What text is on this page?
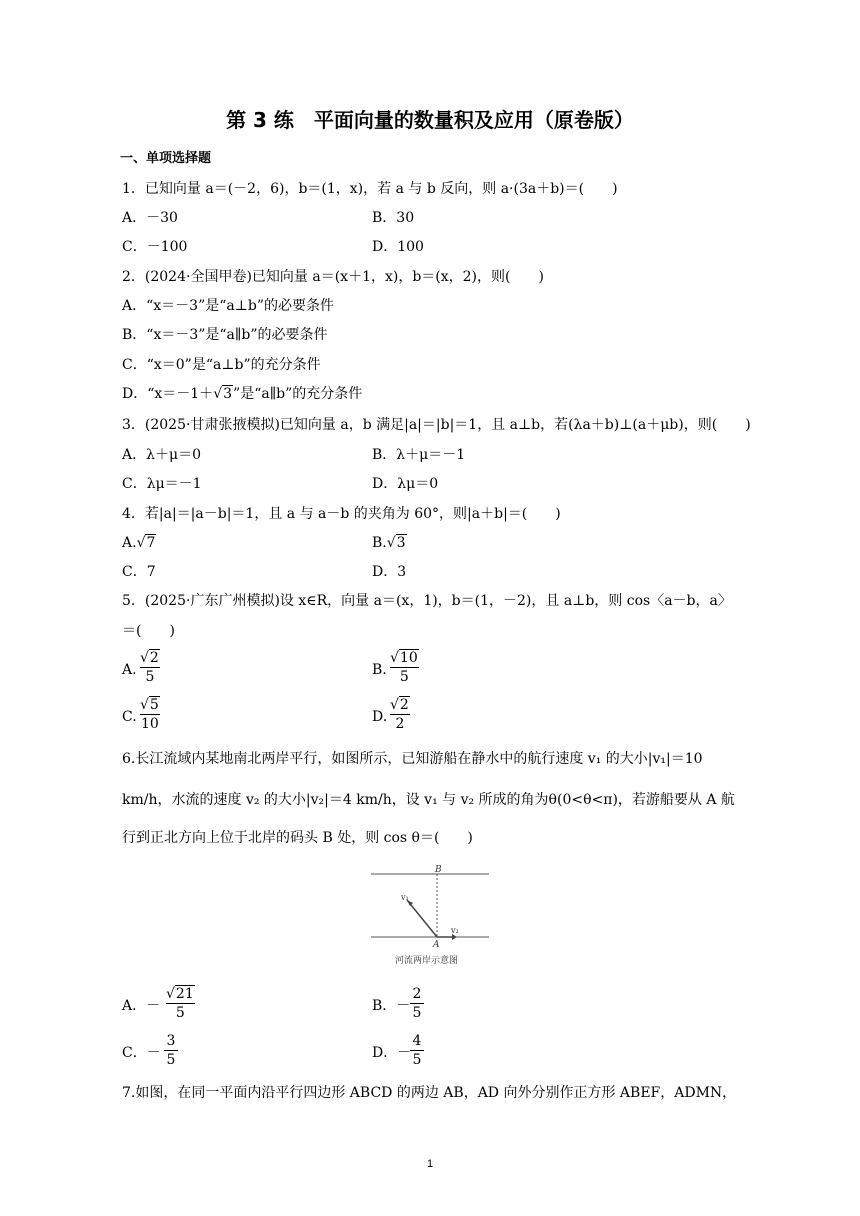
第 3 练　平面向量的数量积及应用（原卷版）
一、单项选择题
1．已知向量 a＝(－2，6)，b＝(1，x)，若 a 与 b 反向，则 a·(3a＋b)＝(　　)
A．－30	B．30
C．－100	D．100
2．(2024·全国甲卷)已知向量 a＝(x＋1，x)，b＝(x，2)，则(　　)
A．“x＝－3”是“a⊥b”的必要条件
B．“x＝－3”是“a∥b”的必要条件
C．“x＝0”是“a⊥b”的充分条件
D．“x＝－1＋√3”是“a∥b”的充分条件
3．(2025·甘肃张掖模拟)已知向量 a，b 满足|a|＝|b|＝1，且 a⊥b，若(λa＋b)⊥(a＋μb)，则(　　)
A．λ＋μ＝0	B．λ＋μ＝－1
C．λμ＝－1	D．λμ＝0
4．若|a|＝|a－b|＝1，且 a 与 a－b 的夹角为 60°，则|a＋b|＝(　　)
A.√7	B.√3
C．7	D．3
5．(2025·广东广州模拟)设 x∈R，向量 a＝(x，1)，b＝(1，－2)，且 a⊥b，则 cos〈a－b，a〉
＝(　　)
A.
√2
5	B.
√10
5
C.
√5
10	D.
√2
2
6.长江流域内某地南北两岸平行，如图所示，已知游船在静水中的航行速度 v₁ 的大小|v₁|＝10
km/h，水流的速度 v₂ 的大小|v₂|＝4 km/h，设 v₁ 与 v₂ 所成的角为θ(0<θ<π)，若游船要从 A 航
行到正北方向上位于北岸的码头 B 处，则 cos θ＝(　　)
B
A
v₁
v₂
河流两岸示意图
A．－
√21
5	B．－
2
5
C．－
3
5	D．－
4
5
7.如图，在同一平面内沿平行四边形 ABCD 的两边 AB，AD 向外分别作正方形 ABEF，ADMN，
1
